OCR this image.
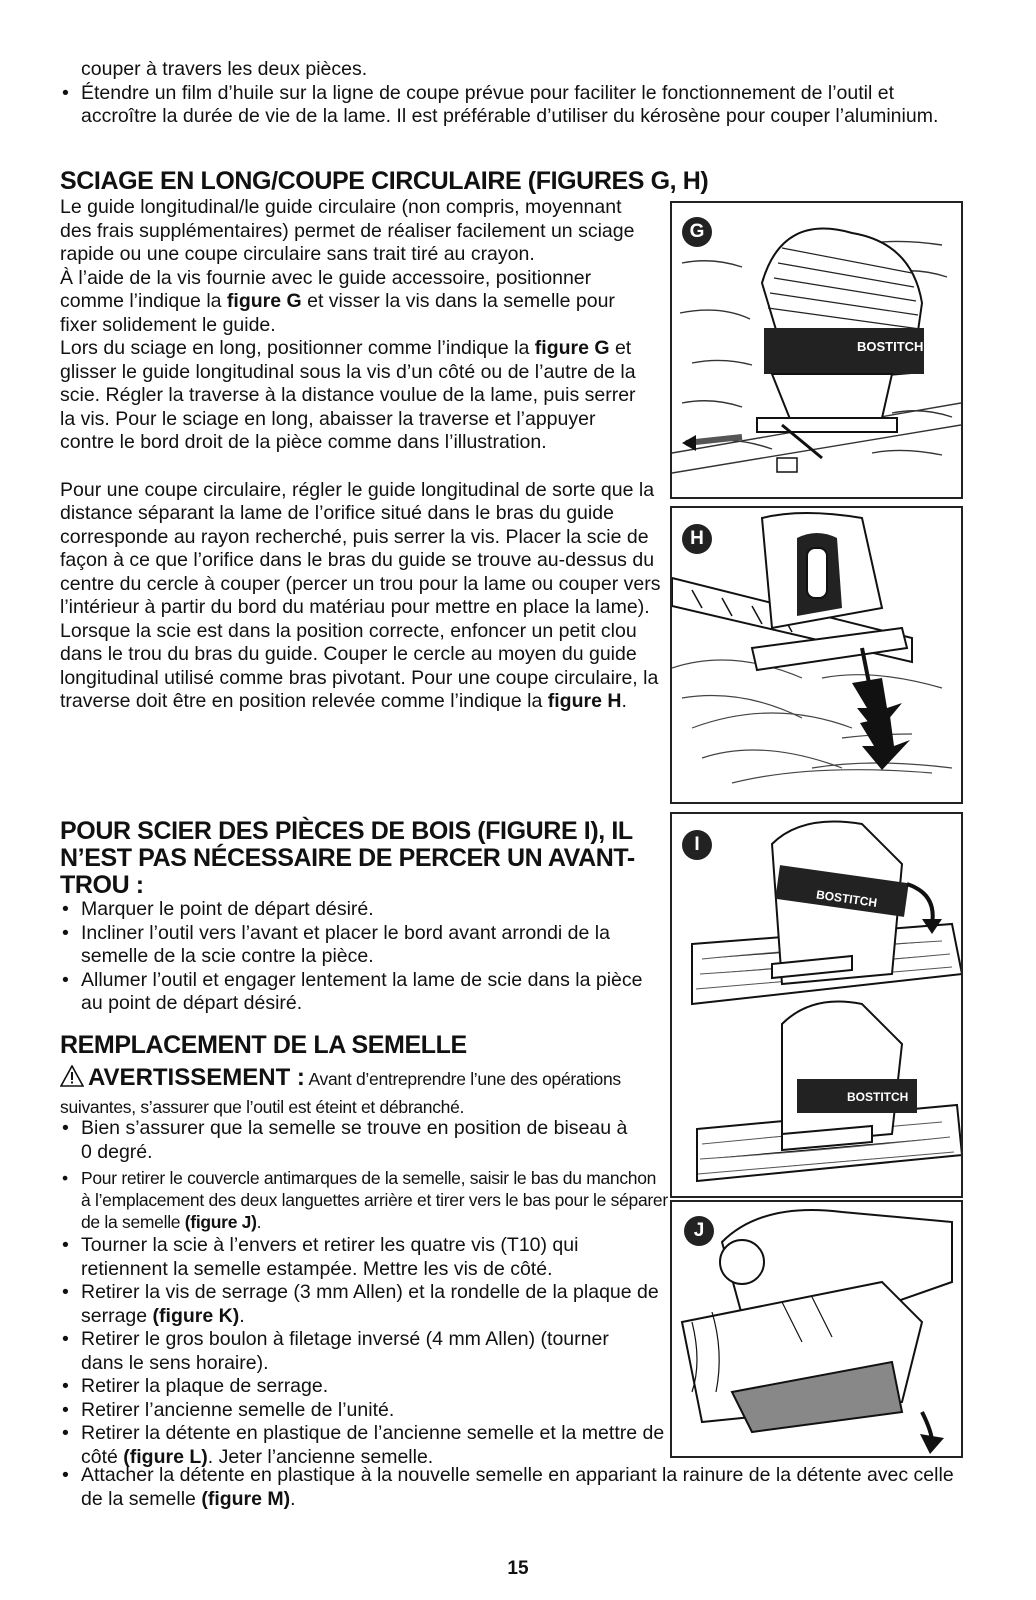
couper à travers les deux pièces.
• Étendre un film d’huile sur la ligne de coupe prévue pour faciliter le fonctionnement de l’outil et accroître la durée de vie de la lame. Il est préférable d’utiliser du kérosène pour couper l’aluminium.
SCIAGE EN LONG/COUPE CIRCULAIRE (FIGURES G, H)

Le guide longitudinal/le guide circulaire (non compris, moyennant des frais supplémentaires) permet de réaliser facilement un sciage rapide ou une coupe circulaire sans trait tiré au crayon.

À l’aide de la vis fournie avec le guide accessoire, positionner comme l’indique la figure G et visser la vis dans la semelle pour fixer solidement le guide.

Lors du sciage en long, positionner comme l’indique la figure G et glisser le guide longitudinal sous la vis d’un côté ou de l’autre de la scie. Régler la traverse à la distance voulue de la lame, puis serrer la vis. Pour le sciage en long, abaisser la traverse et l’appuyer contre le bord droit de la pièce comme dans l’illustration.

Pour une coupe circulaire, régler le guide longitudinal de sorte que la distance séparant la lame de l’orifice situé dans le bras du guide corresponde au rayon recherché, puis serrer la vis. Placer la scie de façon à ce que l’orifice dans le bras du guide se trouve au-dessus du centre du cercle à couper (percer un trou pour la lame ou couper vers l’intérieur à partir du bord du matériau pour mettre en place la lame). Lorsque la scie est dans la position correcte, enfoncer un petit clou dans le trou du bras du guide. Couper le cercle au moyen du guide longitudinal utilisé comme bras pivotant. Pour une coupe circulaire, la traverse doit être en position relevée comme l’indique la figure H.

POUR SCIER DES PIÈCES DE BOIS (FIGURE I), IL N’EST PAS NÉCESSAIRE DE PERCER UN AVANT-TROU :
• Marquer le point de départ désiré.
• Incliner l’outil vers l’avant et placer le bord avant arrondi de la semelle de la scie contre la pièce.
• Allumer l’outil et engager lentement la lame de scie dans la pièce au point de départ désiré.
REMPLACEMENT DE LA SEMELLE
AVERTISSEMENT : Avant d’entreprendre l’une des opérations suivantes, s’assurer que l’outil est éteint et débranché.
• Bien s’assurer que la semelle se trouve en position de biseau à 0 degré.
• Pour retirer le couvercle antimarques de la semelle, saisir le bas du manchon à l’emplacement des deux languettes arrière et tirer vers le bas pour le séparer de la semelle (figure J).
• Tourner la scie à l’envers et retirer les quatre vis (T10) qui retiennent la semelle estampée. Mettre les vis de côté.
• Retirer la vis de serrage (3 mm Allen) et la rondelle de la plaque de serrage (figure K).
• Retirer le gros boulon à filetage inversé (4 mm Allen) (tourner dans le sens horaire).
• Retirer la plaque de serrage.
• Retirer l’ancienne semelle de l’unité.
• Retirer la détente en plastique de l’ancienne semelle et la mettre de côté (figure L). Jeter l’ancienne semelle.
• Attacher la détente en plastique à la nouvelle semelle en appariant la rainure de la détente avec celle de la semelle (figure M).
G
BOSTITCH
H
I
BOSTITCH
BOSTITCH
J
15
